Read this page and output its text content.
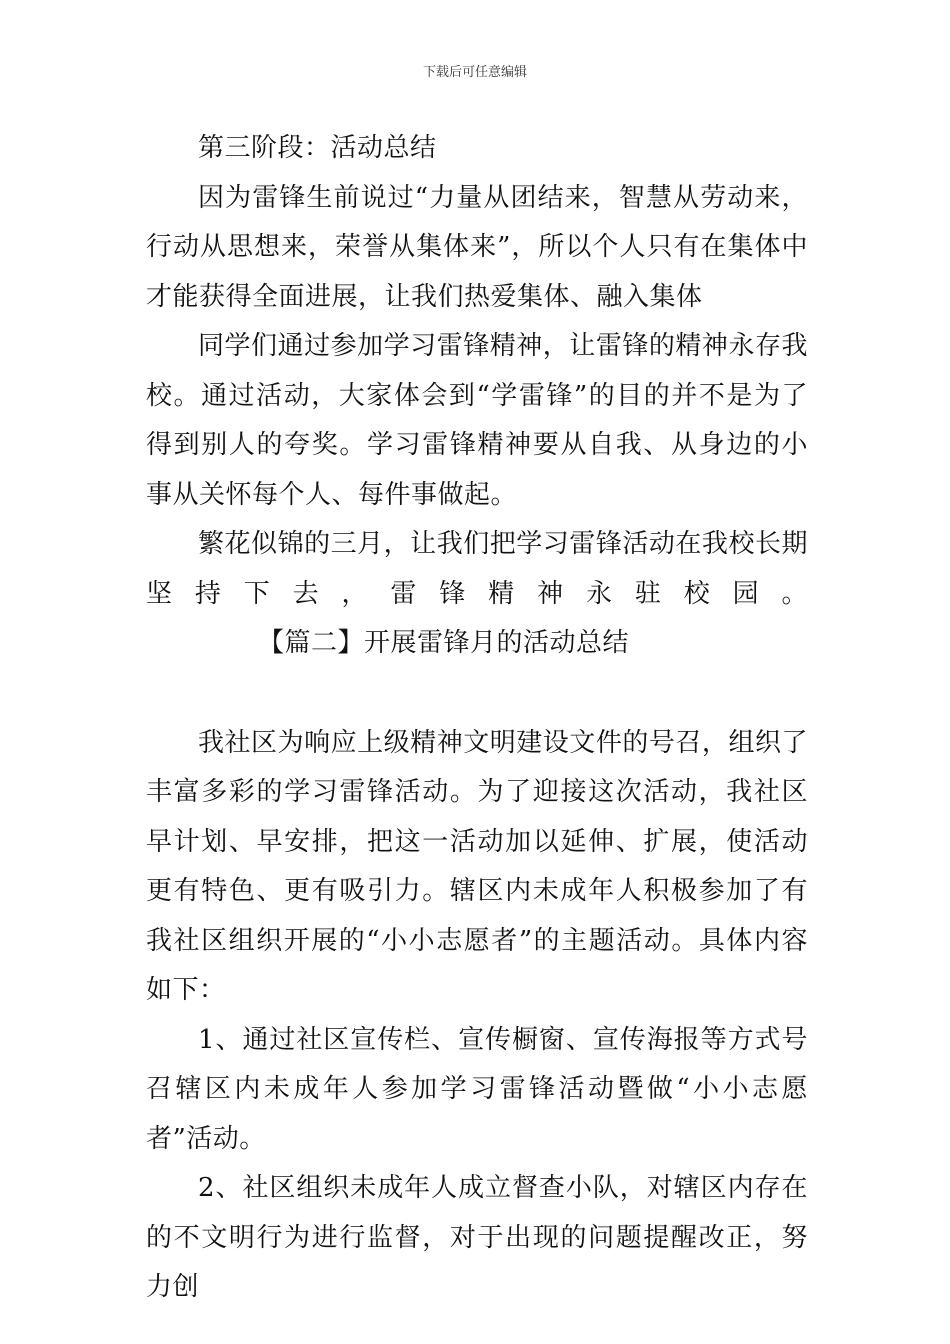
下载后可任意编辑

第三阶段：活动总结

因为雷锋生前说过“力量从团结来，智慧从劳动来，行动从思想来，荣誉从集体来”，所以个人只有在集体中才能获得全面进展，让我们热爱集体、融入集体

同学们通过参加学习雷锋精神，让雷锋的精神永存我校。通过活动，大家体会到“学雷锋”的目的并不是为了得到别人的夸奖。学习雷锋精神要从自我、从身边的小事从关怀每个人、每件事做起。

繁花似锦的三月，让我们把学习雷锋活动在我校长期坚持下去，雷锋精神永驻校园。【篇二】开展雷锋月的活动总结

我社区为响应上级精神文明建设文件的号召，组织了丰富多彩的学习雷锋活动。为了迎接这次活动，我社区早计划、早安排，把这一活动加以延伸、扩展，使活动更有特色、更有吸引力。辖区内未成年人积极参加了有我社区组织开展的“小小志愿者”的主题活动。具体内容如下：

1、通过社区宣传栏、宣传橱窗、宣传海报等方式号召辖区内未成年人参加学习雷锋活动暨做“小小志愿者”活动。

2、社区组织未成年人成立督查小队，对辖区内存在的不文明行为进行监督，对于出现的问题提醒改正，努力创
